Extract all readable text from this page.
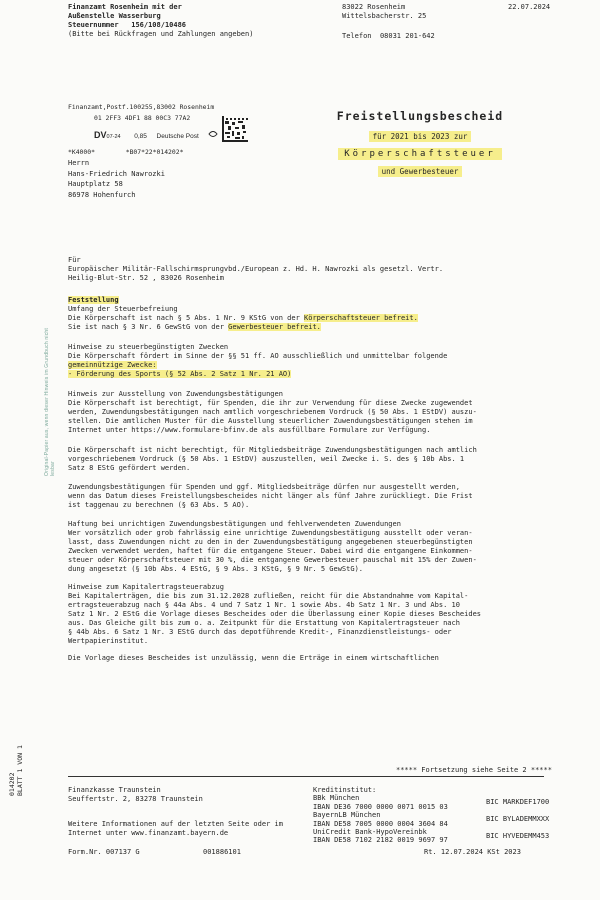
Finanzamt Rosenheim mit der
Außenstelle Wasserburg
Steuernummer 156/108/10486
(Bitte bei Rückfragen und Zahlungen angeben)
83022 Rosenheim
Wittelsbacherstr. 25
Telefon 08031 201-642
22.07.2024
Finanzamt,Postf.100255,83002 Rosenheim
01 2FF3 4DF1 88 00C3 77A2
DV07-24 0,85 Deutsche Post
*K4000*	*B07*22*014202*
Herrn
Hans-Friedrich Nawrozki
Hauptplatz 58
86978 Hohenfurch
Freistellungsbescheid
für 2021 bis 2023 zur
Körperschaftsteuer
und Gewerbesteuer
Für
Europäischer Militär-Fallschirmsprungvbd./European z. Hd. H. Nawrozki als gesetzl. Vertr.
Heilig-Blut-Str. 52 , 83026 Rosenheim
Feststellung
Umfang der Steuerbefreiung
Die Körperschaft ist nach § 5 Abs. 1 Nr. 9 KStG von der Körperschaftsteuer befreit.
Sie ist nach § 3 Nr. 6 GewStG von der Gewerbesteuer befreit.
Hinweise zu steuerbegünstigten Zwecken
Die Körperschaft fördert im Sinne der §§ 51 ff. AO ausschließlich und unmittelbar folgende
gemeinnützige Zwecke:
- Förderung des Sports (§ 52 Abs. 2 Satz 1 Nr. 21 AO)
Hinweis zur Ausstellung von Zuwendungsbestätigungen
Die Körperschaft ist berechtigt, für Spenden, die ihr zur Verwendung für diese Zwecke zugewendet
werden, Zuwendungsbestätigungen nach amtlich vorgeschriebenem Vordruck (§ 50 Abs. 1 EStDV) auszu-
stellen. Die amtlichen Muster für die Ausstellung steuerlicher Zuwendungsbestätigungen stehen im
Internet unter https://www.formulare-bfinv.de als ausfüllbare Formulare zur Verfügung.
Die Körperschaft ist nicht berechtigt, für Mitgliedsbeiträge Zuwendungsbestätigungen nach amtlich
vorgeschriebenem Vordruck (§ 50 Abs. 1 EStDV) auszustellen, weil Zwecke i. S. des § 10b Abs. 1
Satz 8 EStG gefördert werden.
Zuwendungsbestätigungen für Spenden und ggf. Mitgliedsbeiträge dürfen nur ausgestellt werden,
wenn das Datum dieses Freistellungsbescheides nicht länger als fünf Jahre zurückliegt. Die Frist
ist taggenau zu berechnen (§ 63 Abs. 5 AO).
Haftung bei unrichtigen Zuwendungsbestätigungen und fehlverwendeten Zuwendungen
Wer vorsätzlich oder grob fahrlässig eine unrichtige Zuwendungsbestätigung ausstellt oder veran-
lasst, dass Zuwendungen nicht zu den in der Zuwendungsbestätigung angegebenen steuerbegünstigten
Zwecken verwendet werden, haftet für die entgangene Steuer. Dabei wird die entgangene Einkommen-
steuer oder Körperschaftsteuer mit 30 %, die entgangene Gewerbesteuer pauschal mit 15% der Zuwen-
dung angesetzt (§ 10b Abs. 4 EStG, § 9 Abs. 3 KStG, § 9 Nr. 5 GewStG).
Hinweise zum Kapitalertragsteuerabzug
Bei Kapitalerträgen, die bis zum 31.12.2028 zufließen, reicht für die Abstandnahme vom Kapital-
ertragsteuerabzug nach § 44a Abs. 4 und 7 Satz 1 Nr. 1 sowie Abs. 4b Satz 1 Nr. 3 und Abs. 10
Satz 1 Nr. 2 EStG die Vorlage dieses Bescheides oder die Überlassung einer Kopie dieses Bescheides
aus. Das Gleiche gilt bis zum o. a. Zeitpunkt für die Erstattung von Kapitalertragsteuer nach
§ 44b Abs. 6 Satz 1 Nr. 3 EStG durch das depotführende Kredit-, Finanzdienstleistungs- oder
Wertpapierinstitut.
Die Vorlage dieses Bescheides ist unzulässig, wenn die Erträge in einem wirtschaftlichen
***** Fortsetzung siehe Seite 2 *****
Finanzkasse Traunstein
Seuffertstr. 2, 83278 Traunstein
Weitere Informationen auf der letzten Seite oder im
Internet unter www.finanzamt.bayern.de
Form.Nr. 007137 G	001886101
Kreditinstitut:
BBk München
IBAN DE36 7000 0000 0071 0015 03
BayernLB München
IBAN DE58 7005 0000 0004 3604 84
UniCredit Bank-HypoVereinbk
IBAN DE58 7102 2182 0019 9697 97
BIC MARKDEF1700
BIC BYLADEMMXXX
BIC HYVEDEMM453
Rt. 12.07.2024 KSt 2023
014202 BLATT 1 VON 1
Original-Papier aus, wenn dieser Hinweis im Grundbuch nicht lesbar
